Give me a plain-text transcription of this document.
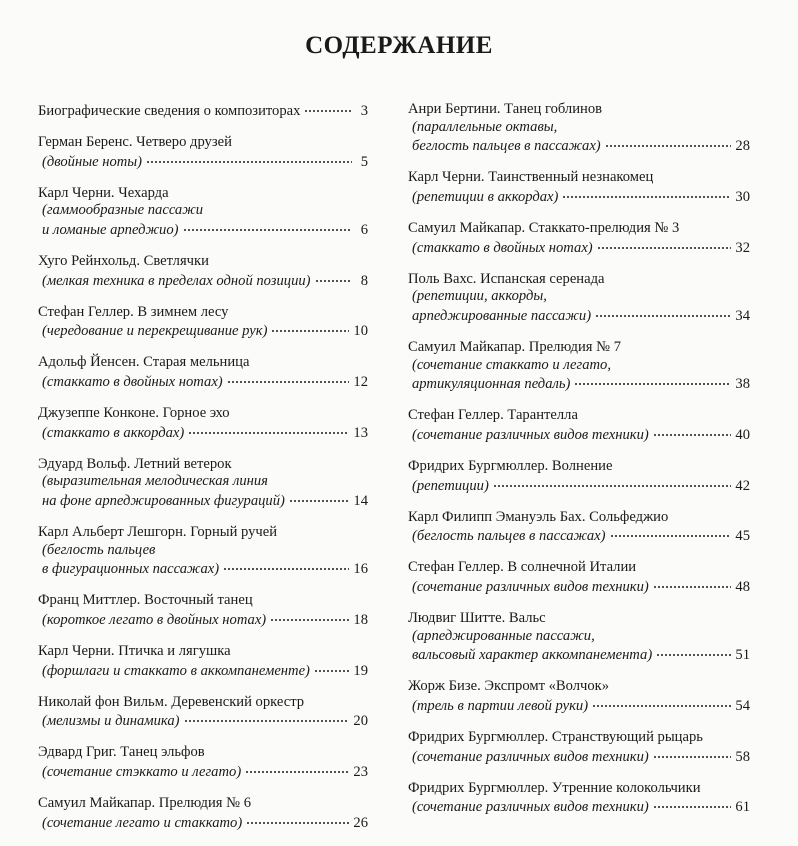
СОДЕРЖАНИЕ
Биографические сведения о композиторах	3
Герман Беренс. Четверо друзей
(двойные ноты)	5
Карл Черни. Чехарда
(гаммообразные пассажи
и ломаные арпеджио)	6
Хуго Рейнхольд. Светлячки
(мелкая техника в пределах одной позиции)	8
Стефан Геллер. В зимнем лесу
(чередование и перекрещивание рук)	10
Адольф Йенсен. Старая мельница
(стаккато в двойных нотах)	12
Джузеппе Конконе. Горное эхо
(стаккато в аккордах)	13
Эдуард Вольф. Летний ветерок
(выразительная мелодическая линия
на фоне арпеджированных фигураций)	14
Карл Альберт Лешгорн. Горный ручей
(беглость пальцев
в фигурационных пассажах)	16
Франц Миттлер. Восточный танец
(короткое легато в двойных нотах)	18
Карл Черни. Птичка и лягушка
(форшлаги и стаккато в аккомпанементе)	19
Николай фон Вильм. Деревенский оркестр
(мелизмы и динамика)	20
Эдвард Григ. Танец эльфов
(сочетание стэккато и легато)	23
Самуил Майкапар. Прелюдия № 6
(сочетание легато и стаккато)	26
Анри Бертини. Танец гоблинов
(параллельные октавы,
беглость пальцев в пассажах)	28
Карл Черни. Таинственный незнакомец
(репетиции в аккордах)	30
Самуил Майкапар. Стаккато-прелюдия № 3
(стаккато в двойных нотах)	32
Поль Вахс. Испанская серенада
(репетиции, аккорды,
арпеджированные пассажи)	34
Самуил Майкапар. Прелюдия № 7
(сочетание стаккато и легато,
артикуляционная педаль)	38
Стефан Геллер. Тарантелла
(сочетание различных видов техники)	40
Фридрих Бургмюллер. Волнение
(репетиции)	42
Карл Филипп Эмануэль Бах. Сольфеджио
(беглость пальцев в пассажах)	45
Стефан Геллер. В солнечной Италии
(сочетание различных видов техники)	48
Людвиг Шитте. Вальс
(арпеджированные пассажи,
вальсовый характер аккомпанемента)	51
Жорж Бизе. Экспромт «Волчок»
(трель в партии левой руки)	54
Фридрих Бургмюллер. Странствующий рыцарь
(сочетание различных видов техники)	58
Фридрих Бургмюллер. Утренние колокольчики
(сочетание различных видов техники)	61
